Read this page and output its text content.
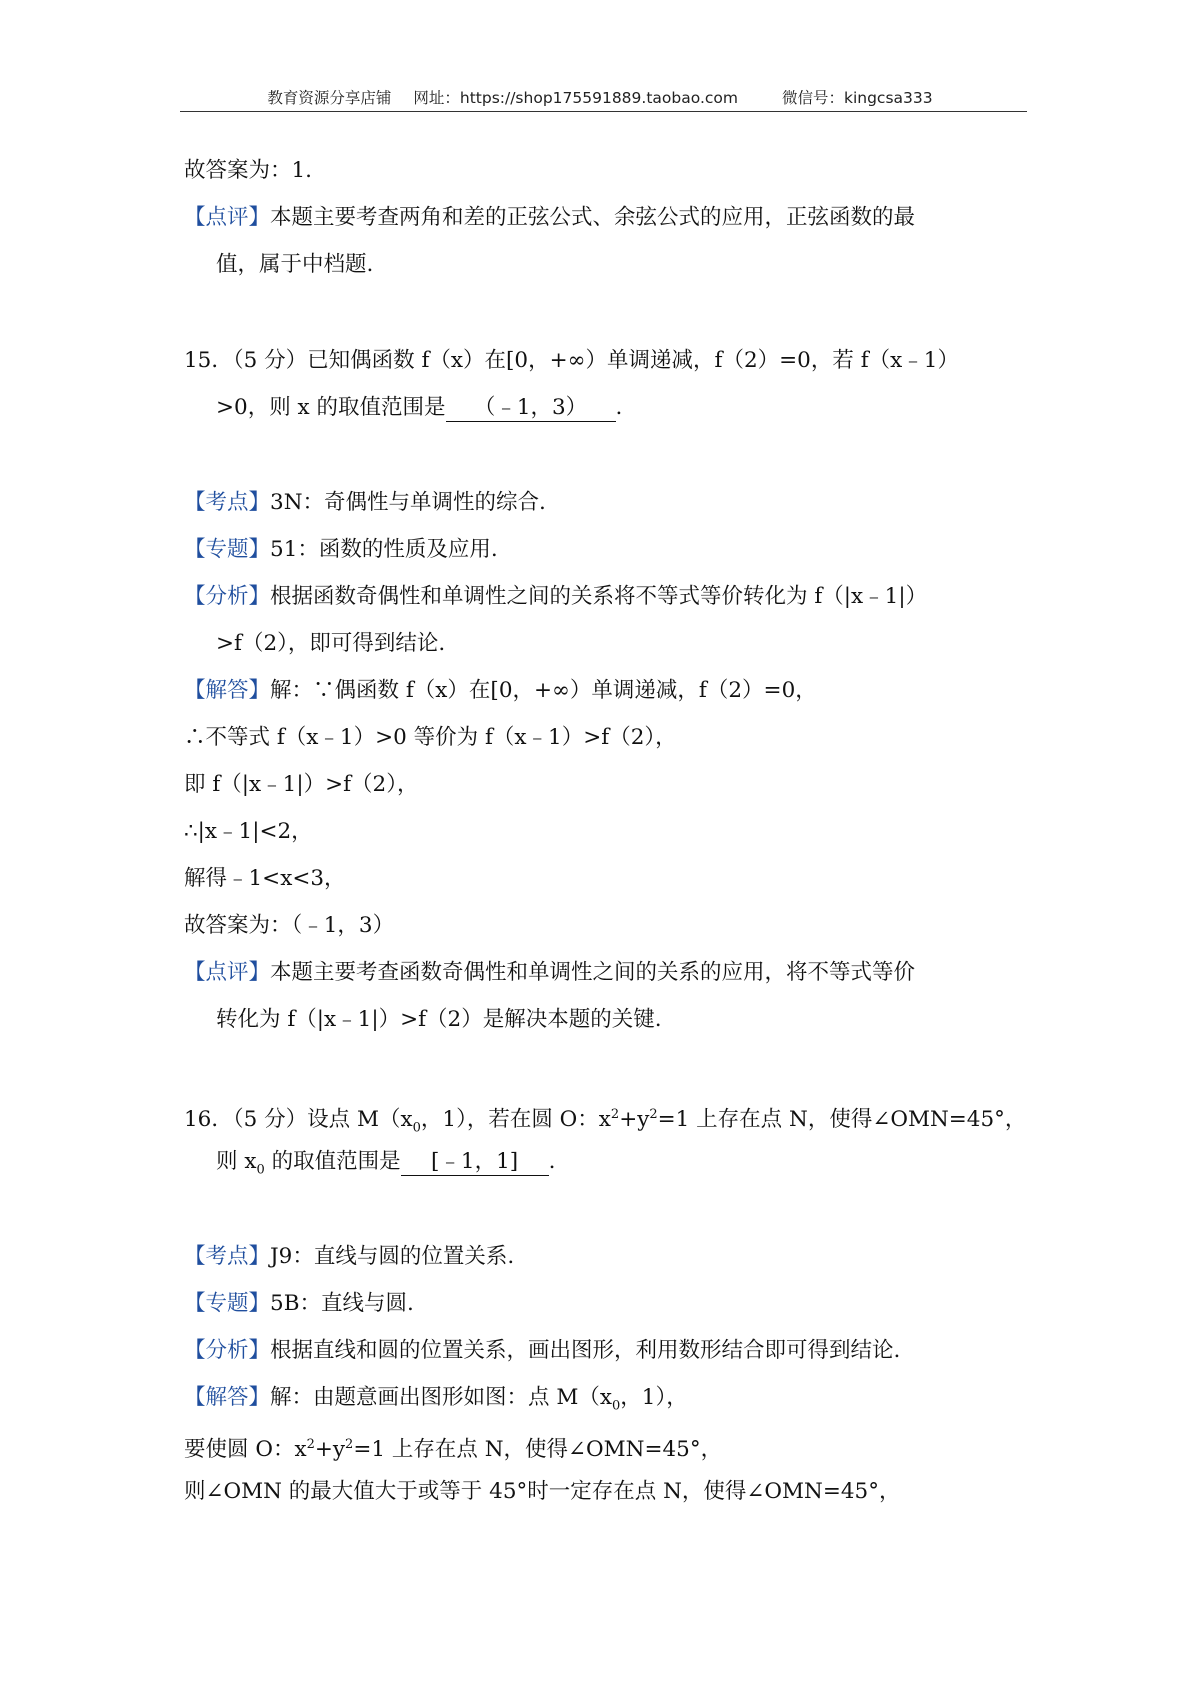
教育资源分享店铺 网址：https://shop175591889.taobao.com	微信号：kingcsa333
故答案为：1.
【点评】本题主要考查两角和差的正弦公式、余弦公式的应用，正弦函数的最
值，属于中档题.
15．（5 分）已知偶函数 f（x）在[0，+∞）单调递减，f（2）=0，若 f（x﹣1）
>0，则 x 的取值范围是 （﹣1，3） .
【考点】3N：奇偶性与单调性的综合.
【专题】51：函数的性质及应用.
【分析】根据函数奇偶性和单调性之间的关系将不等式等价转化为 f（|x﹣1|）
>f（2），即可得到结论.
【解答】解：∵偶函数 f（x）在[0，+∞）单调递减，f（2）=0，
∴不等式 f（x﹣1）>0 等价为 f（x﹣1）>f（2），
即 f（|x﹣1|）>f（2），
∴|x﹣1|<2，
解得﹣1<x<3，
故答案为：（﹣1，3）
【点评】本题主要考查函数奇偶性和单调性之间的关系的应用，将不等式等价
转化为 f（|x﹣1|）>f（2）是解决本题的关键.
16．（5 分）设点 $M(x_0$，1），若在圆 O：$x^2+y^2=1$ 上存在点 N，使得∠OMN=45°，
则 $x_0$ 的取值范围是 [﹣1，1] .
【考点】J9：直线与圆的位置关系.
【专题】5B：直线与圆.
【分析】根据直线和圆的位置关系，画出图形，利用数形结合即可得到结论.
【解答】解：由题意画出图形如图：点 $M(x_0$，1），
要使圆 O：$x^2+y^2=1$ 上存在点 N，使得∠OMN=45°，
则∠OMN 的最大值大于或等于 45°时一定存在点 N，使得∠OMN=45°，
